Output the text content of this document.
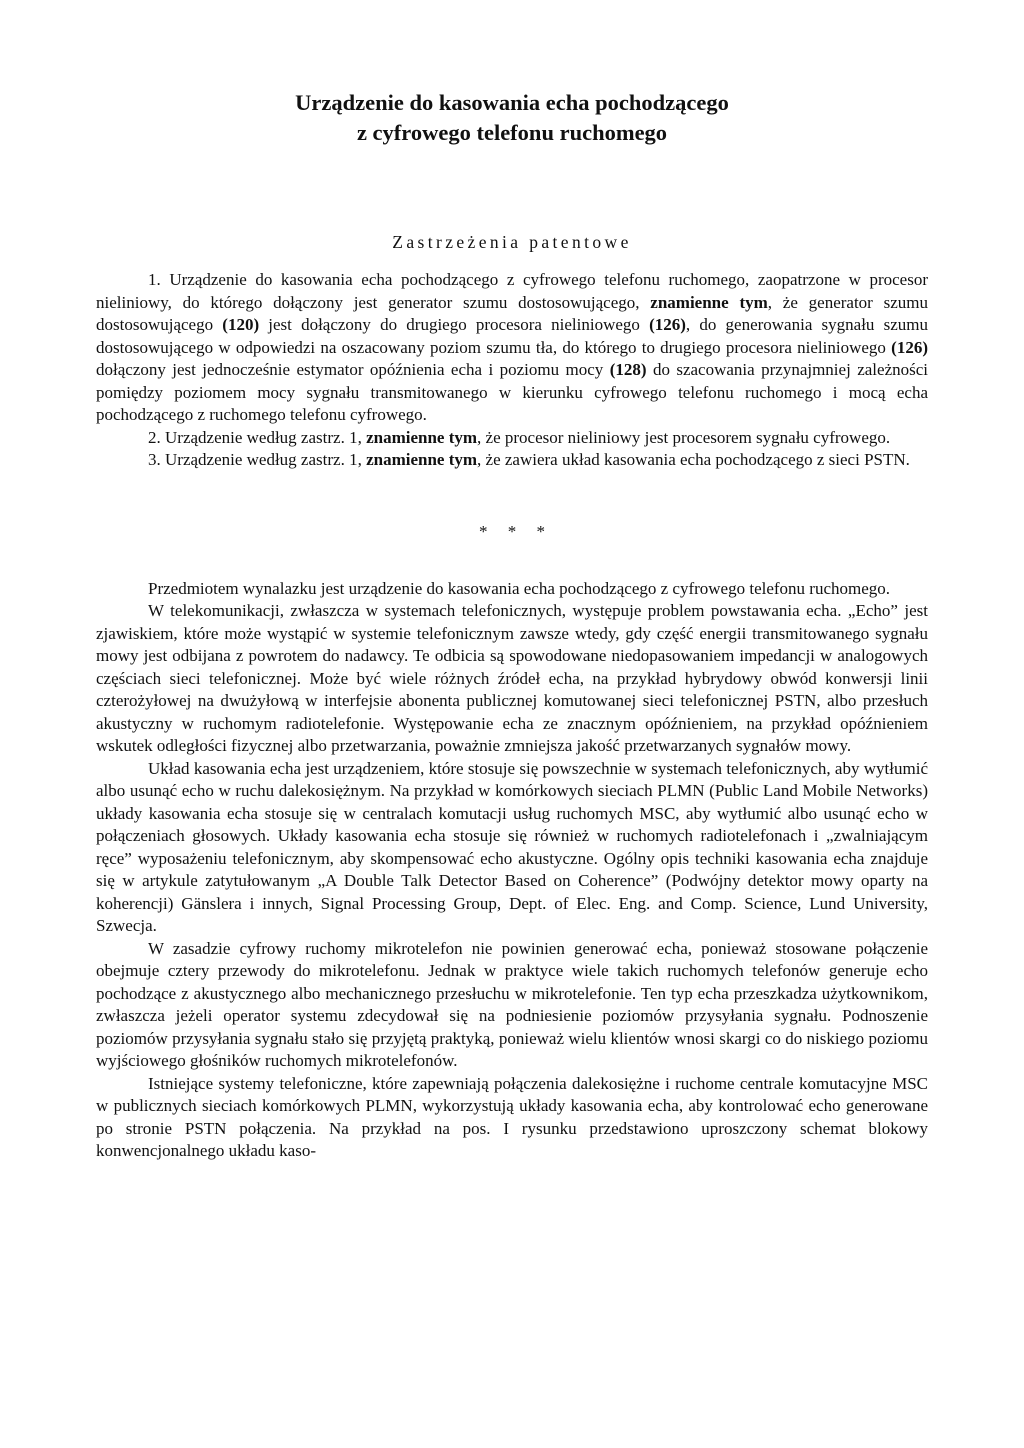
Urządzenie do kasowania echa pochodzącego
z cyfrowego telefonu ruchomego
Zastrzeżenia patentowe

1. Urządzenie do kasowania echa pochodzącego z cyfrowego telefonu ruchomego, zaopatrzone w procesor nieliniowy, do którego dołączony jest generator szumu dostosowującego, znamienne tym, że generator szumu dostosowującego (120) jest dołączony do drugiego procesora nieliniowego (126), do generowania sygnału szumu dostosowującego w odpowiedzi na oszacowany poziom szumu tła, do którego to drugiego procesora nieliniowego (126) dołączony jest jednocześnie estymator opóźnienia echa i poziomu mocy (128) do szacowania przynajmniej zależności pomiędzy poziomem mocy sygnału transmitowanego w kierunku cyfrowego telefonu ruchomego i mocą echa pochodzącego z ruchomego telefonu cyfrowego.

2. Urządzenie według zastrz. 1, znamienne tym, że procesor nieliniowy jest procesorem sygnału cyfrowego.

3. Urządzenie według zastrz. 1, znamienne tym, że zawiera układ kasowania echa pochodzącego z sieci PSTN.

* * *

Przedmiotem wynalazku jest urządzenie do kasowania echa pochodzącego z cyfrowego telefonu ruchomego.

W telekomunikacji, zwłaszcza w systemach telefonicznych, występuje problem powstawania echa. „Echo” jest zjawiskiem, które może wystąpić w systemie telefonicznym zawsze wtedy, gdy część energii transmitowanego sygnału mowy jest odbijana z powrotem do nadawcy. Te odbicia są spowodowane niedopasowaniem impedancji w analogowych częściach sieci telefonicznej. Może być wiele różnych źródeł echa, na przykład hybrydowy obwód konwersji linii czterożyłowej na dwużyłową w interfejsie abonenta publicznej komutowanej sieci telefonicznej PSTN, albo przesłuch akustyczny w ruchomym radiotelefonie. Występowanie echa ze znacznym opóźnieniem, na przykład opóźnieniem wskutek odległości fizycznej albo przetwarzania, poważnie zmniejsza jakość przetwarzanych sygnałów mowy.

Układ kasowania echa jest urządzeniem, które stosuje się powszechnie w systemach telefonicznych, aby wytłumić albo usunąć echo w ruchu dalekosiężnym. Na przykład w komórkowych sieciach PLMN (Public Land Mobile Networks) układy kasowania echa stosuje się w centralach komutacji usług ruchomych MSC, aby wytłumić albo usunąć echo w połączeniach głosowych. Układy kasowania echa stosuje się również w ruchomych radiotelefonach i „zwalniającym ręce” wyposażeniu telefonicznym, aby skompensować echo akustyczne. Ogólny opis techniki kasowania echa znajduje się w artykule zatytułowanym „A Double Talk Detector Based on Coherence” (Podwójny detektor mowy oparty na koherencji) Gänslera i innych, Signal Processing Group, Dept. of Elec. Eng. and Comp. Science, Lund University, Szwecja.

W zasadzie cyfrowy ruchomy mikrotelefon nie powinien generować echa, ponieważ stosowane połączenie obejmuje cztery przewody do mikrotelefonu. Jednak w praktyce wiele takich ruchomych telefonów generuje echo pochodzące z akustycznego albo mechanicznego przesłuchu w mikrotelefonie. Ten typ echa przeszkadza użytkownikom, zwłaszcza jeżeli operator systemu zdecydował się na podniesienie poziomów przysyłania sygnału. Podnoszenie poziomów przysyłania sygnału stało się przyjętą praktyką, ponieważ wielu klientów wnosi skargi co do niskiego poziomu wyjściowego głośników ruchomych mikrotelefonów.

Istniejące systemy telefoniczne, które zapewniają połączenia dalekosiężne i ruchome centrale komutacyjne MSC w publicznych sieciach komórkowych PLMN, wykorzystują układy kasowania echa, aby kontrolować echo generowane po stronie PSTN połączenia. Na przykład na pos. I rysunku przedstawiono uproszczony schemat blokowy konwencjonalnego układu kaso-
